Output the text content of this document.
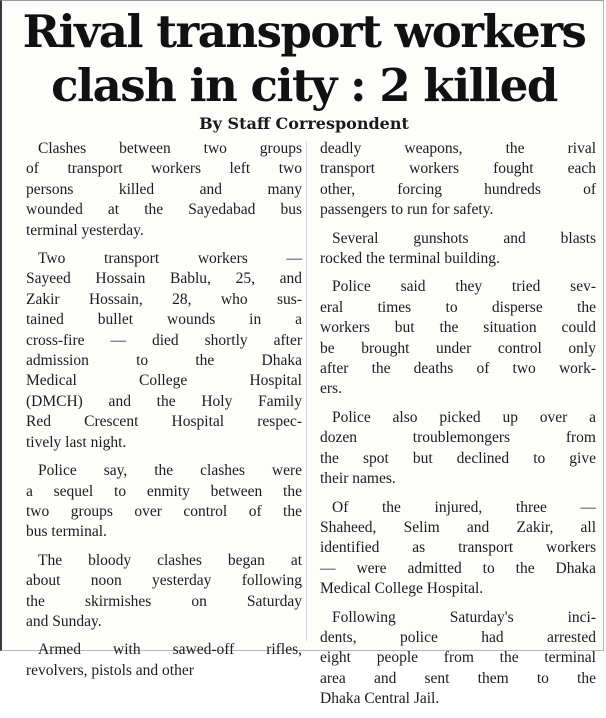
Rival transport workers
clash in city : 2 killed
By Staff Correspondent

Clashes between two groups
of transport workers left two
persons killed and many
wounded at the Sayedabad bus
terminal yesterday.

Two transport workers —
Sayeed Hossain Bablu, 25, and
Zakir Hossain, 28, who sus-
tained bullet wounds in a
cross-fire — died shortly after
admission to the Dhaka
Medical College Hospital
(DMCH) and the Holy Family
Red Crescent Hospital respec-
tively last night.

Police say, the clashes were
a sequel to enmity between the
two groups over control of the
bus terminal.

The bloody clashes began at
about noon yesterday following
the skirmishes on Saturday
and Sunday.

Armed with sawed-off rifles,
revolvers, pistols and other

deadly weapons, the rival
transport workers fought each
other, forcing hundreds of
passengers to run for safety.

Several gunshots and blasts
rocked the terminal building.

Police said they tried sev-
eral times to disperse the
workers but the situation could
be brought under control only
after the deaths of two work-
ers.

Police also picked up over a
dozen troublemongers from
the spot but declined to give
their names.

Of the injured, three —
Shaheed, Selim and Zakir, all
identified as transport workers
— were admitted to the Dhaka
Medical College Hospital.

Following Saturday's inci-
dents, police had arrested
eight people from the terminal
area and sent them to the
Dhaka Central Jail.
